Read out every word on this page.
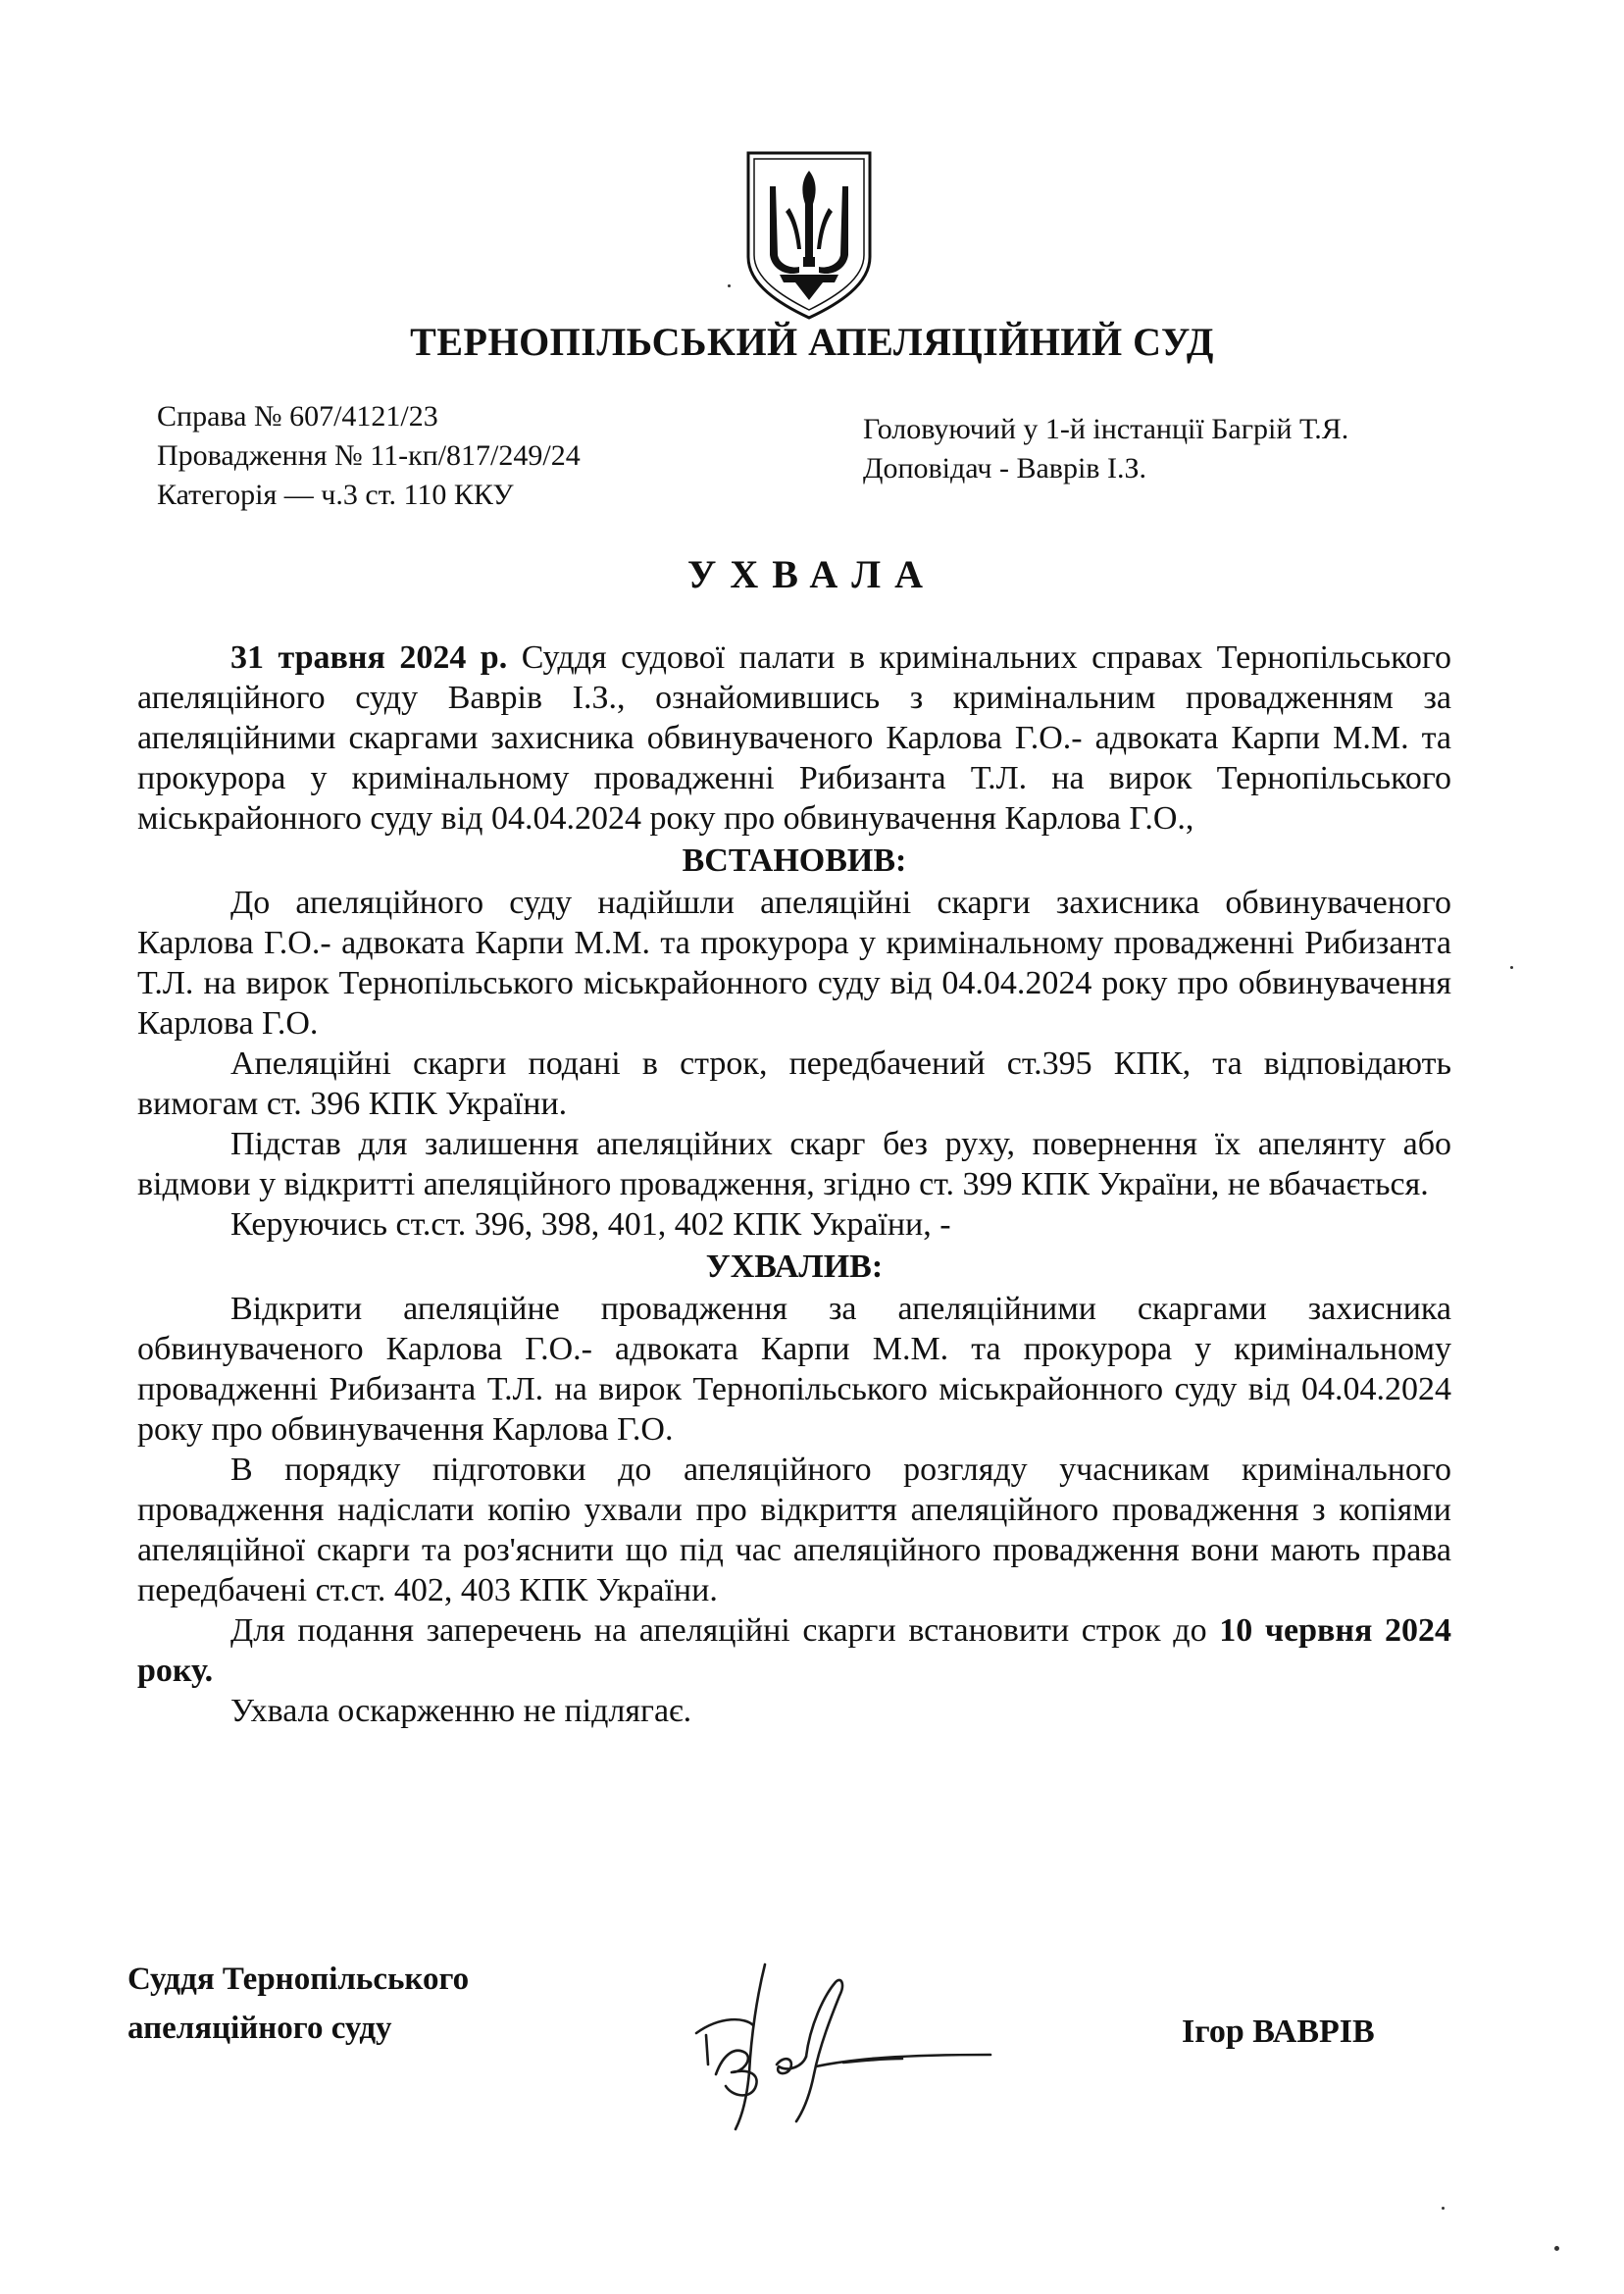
ТЕРНОПІЛЬСЬКИЙ АПЕЛЯЦІЙНИЙ СУД
Справа № 607/4121/23
Провадження № 11-кп/817/249/24
Категорія — ч.3 ст. 110 ККУ
Головуючий у 1-й інстанції Багрій Т.Я.
Доповідач - Ваврів І.З.
УХВАЛА

31 травня 2024 р. Суддя судової палати в кримінальних справах Тернопільського апеляційного суду Ваврів І.З., ознайомившись з кримінальним провадженням за апеляційними скаргами захисника обвинуваченого Карлова Г.О.- адвоката Карпи М.М. та прокурора у кримінальному провадженні Рибизанта Т.Л. на вирок Тернопільського міськрайонного суду від 04.04.2024 року про обвинувачення Карлова Г.О.,

ВСТАНОВИВ:

До апеляційного суду надійшли апеляційні скарги захисника обвинуваченого Карлова Г.О.- адвоката Карпи М.М. та прокурора у кримінальному провадженні Рибизанта Т.Л. на вирок Тернопільського міськрайонного суду від 04.04.2024 року про обвинувачення Карлова Г.О.

Апеляційні скарги подані в строк, передбачений ст.395 КПК, та відповідають вимогам ст. 396 КПК України.

Підстав для залишення апеляційних скарг без руху, повернення їх апелянту або відмови у відкритті апеляційного провадження, згідно ст. 399 КПК України, не вбачається.

Керуючись ст.ст. 396, 398, 401, 402 КПК України, -

УХВАЛИВ:

Відкрити апеляційне провадження за апеляційними скаргами захисника обвинуваченого Карлова Г.О.- адвоката Карпи М.М. та прокурора у кримінальному провадженні Рибизанта Т.Л. на вирок Тернопільського міськрайонного суду від 04.04.2024 року про обвинувачення Карлова Г.О.

В порядку підготовки до апеляційного розгляду учасникам кримінального провадження надіслати копію ухвали про відкриття апеляційного провадження з копіями апеляційної скарги та роз'яснити що під час апеляційного провадження вони мають права передбачені ст.ст. 402, 403 КПК України.

Для подання заперечень на апеляційні скарги встановити строк до 10 червня 2024 року.

Ухвала оскарженню не підлягає.

Суддя Тернопільського
апеляційного суду	Ігор ВАВРІВ
